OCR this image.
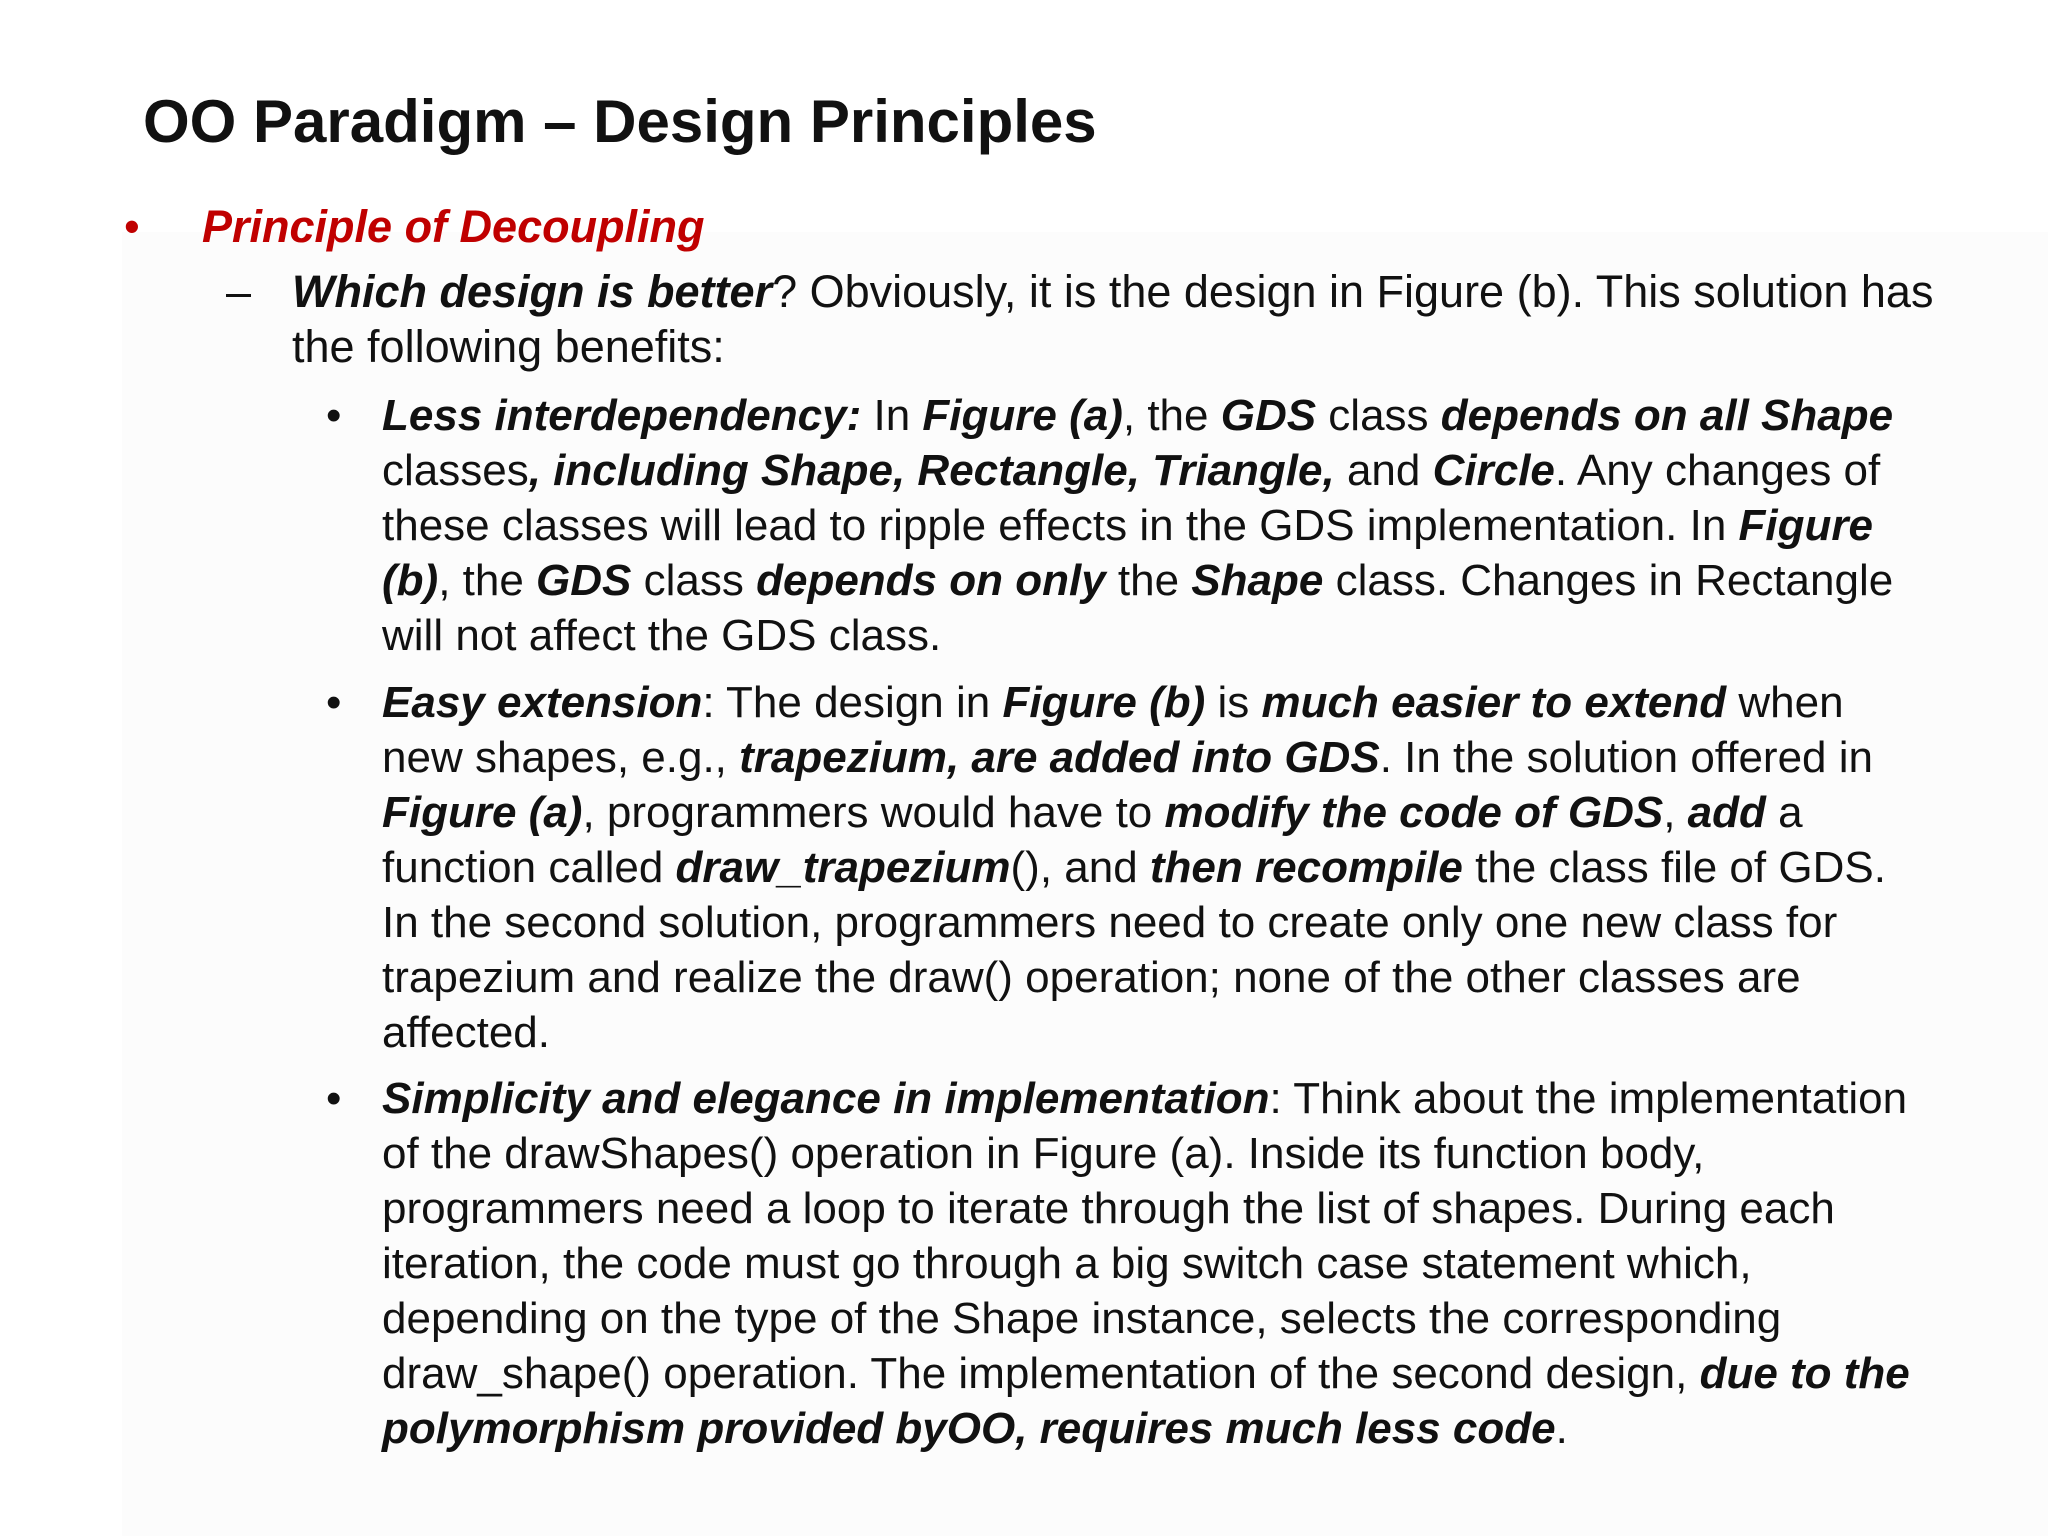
OO Paradigm – Design Principles
• Principle of Decoupling
– Which design is better? Obviously, it is the design in Figure (b). This solution has
the following benefits:
• Less interdependency: In Figure (a), the GDS class depends on all Shape
classes, including Shape, Rectangle, Triangle, and Circle. Any changes of
these classes will lead to ripple effects in the GDS implementation. In Figure
(b), the GDS class depends on only the Shape class. Changes in Rectangle
will not affect the GDS class.
• Easy extension: The design in Figure (b) is much easier to extend when
new shapes, e.g., trapezium, are added into GDS. In the solution offered in
Figure (a), programmers would have to modify the code of GDS, add a
function called draw_trapezium(), and then recompile the class file of GDS.
In the second solution, programmers need to create only one new class for
trapezium and realize the draw() operation; none of the other classes are
affected.
• Simplicity and elegance in implementation: Think about the implementation
of the drawShapes() operation in Figure (a). Inside its function body,
programmers need a loop to iterate through the list of shapes. During each
iteration, the code must go through a big switch case statement which,
depending on the type of the Shape instance, selects the corresponding
draw_shape() operation. The implementation of the second design, due to the
polymorphism provided byOO, requires much less code.
